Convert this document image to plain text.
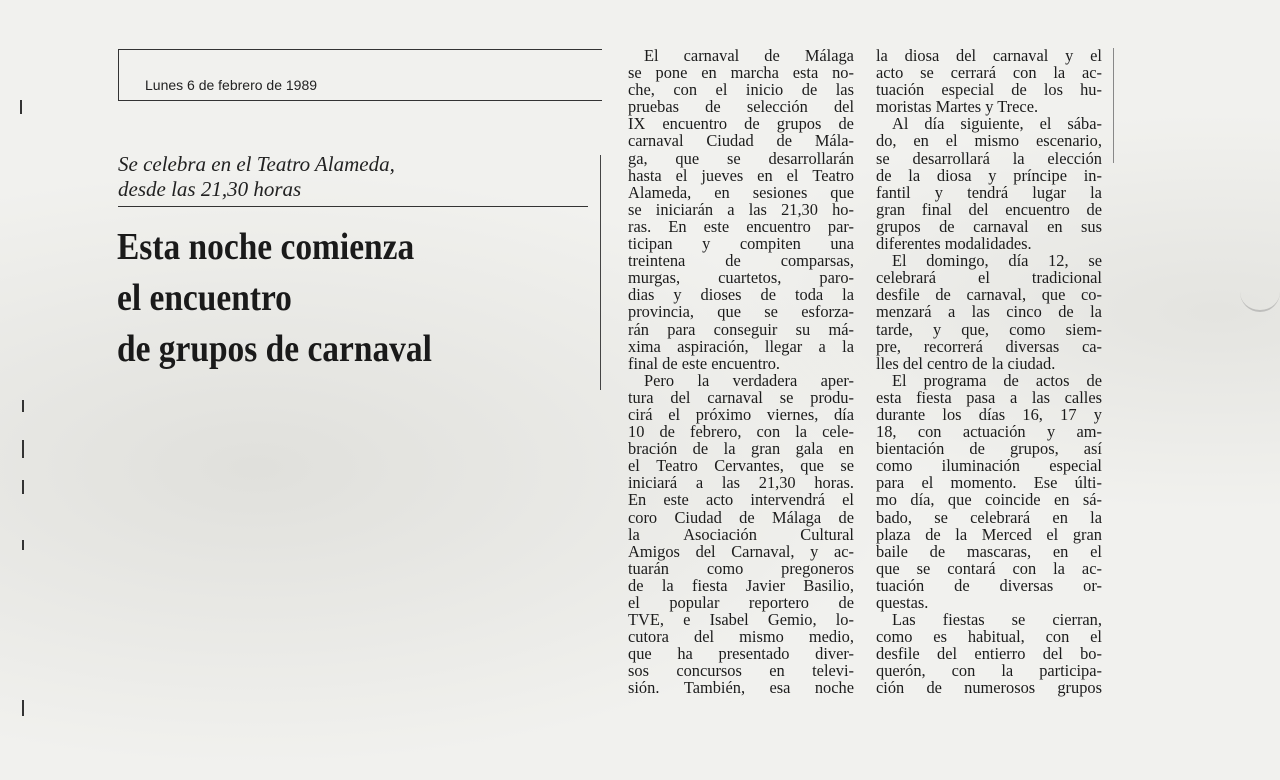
Lunes 6 de febrero de 1989
Se celebra en el Teatro Alameda,
desde las 21,30 horas
Esta noche comienza
el encuentro
de grupos de carnaval
El carnaval de Málaga
se pone en marcha esta no-
che, con el inicio de las
pruebas de selección del
IX encuentro de grupos de
carnaval Ciudad de Mála-
ga, que se desarrollarán
hasta el jueves en el Teatro
Alameda, en sesiones que
se iniciarán a las 21,30 ho-
ras. En este encuentro par-
ticipan y compiten una
treintena de comparsas,
murgas, cuartetos, paro-
dias y dioses de toda la
provincia, que se esforza-
rán para conseguir su má-
xima aspiración, llegar a la
final de este encuentro.
Pero la verdadera aper-
tura del carnaval se produ-
cirá el próximo viernes, día
10 de febrero, con la cele-
bración de la gran gala en
el Teatro Cervantes, que se
iniciará a las 21,30 horas.
En este acto intervendrá el
coro Ciudad de Málaga de
la	Asociación	Cultural
Amigos del Carnaval, y ac-
tuarán como pregoneros
de la fiesta Javier Basilio,
el popular reportero de
TVE, e Isabel Gemio, lo-
cutora del mismo medio,
que ha presentado diver-
sos concursos en televi-
sión. También, esa noche
la diosa del carnaval y el
acto se cerrará con la ac-
tuación especial de los hu-
moristas Martes y Trece.
Al día siguiente, el sába-
do, en el mismo escenario,
se desarrollará la elección
de la diosa y príncipe in-
fantil y tendrá lugar la
gran final del encuentro de
grupos de carnaval en sus
diferentes modalidades.
El domingo, día 12, se
celebrará	el	tradicional
desfile de carnaval, que co-
menzará a las cinco de la
tarde, y que, como siem-
pre, recorrerá diversas ca-
lles del centro de la ciudad.
El programa de actos de
esta fiesta pasa a las calles
durante los días 16, 17 y
18, con actuación y am-
bientación de grupos, así
como iluminación especial
para el momento. Ese últi-
mo día, que coincide en sá-
bado, se celebrará en la
plaza de la Merced el gran
baile de mascaras, en el
que se contará con la ac-
tuación de diversas or-
questas.
Las fiestas se cierran,
como es habitual, con el
desfile del entierro del bo-
querón, con la participa-
ción de numerosos grupos
